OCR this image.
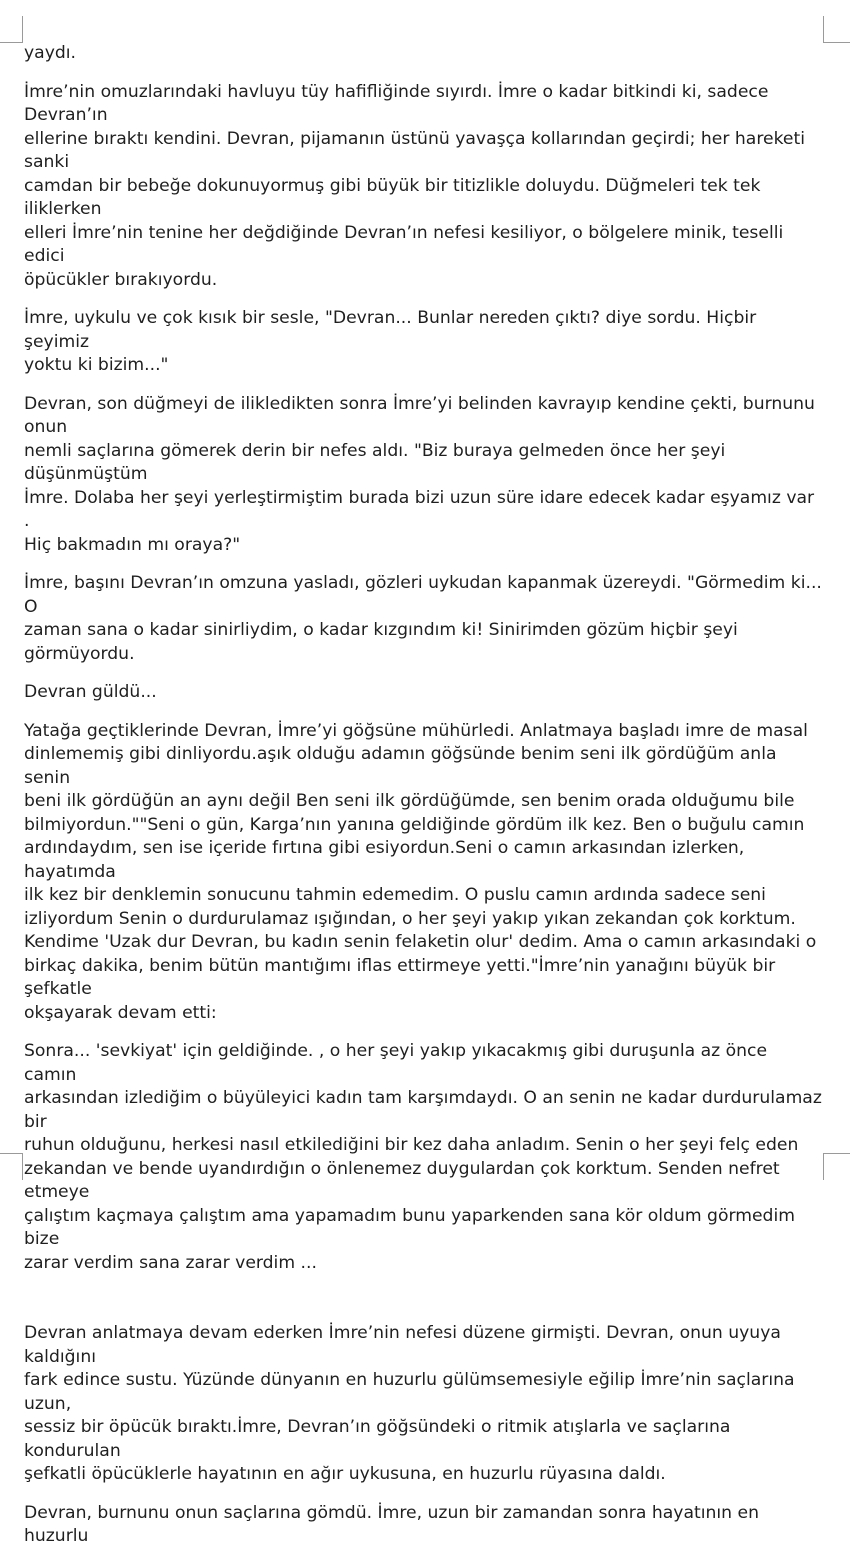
yaydı.

İmre’nin omuzlarındaki havluyu tüy hafifliğinde sıyırdı. İmre o kadar bitkindi ki, sadece Devran’ın
ellerine bıraktı kendini. Devran, pijamanın üstünü yavaşça kollarından geçirdi; her hareketi sanki
camdan bir bebeğe dokunuyormuş gibi büyük bir titizlikle doluydu. Düğmeleri tek tek iliklerken
elleri İmre’nin tenine her değdiğinde Devran’ın nefesi kesiliyor, o bölgelere minik, teselli edici
öpücükler bırakıyordu.

İmre, uykulu ve çok kısık bir sesle, "Devran... Bunlar nereden çıktı? diye sordu. Hiçbir şeyimiz
yoktu ki bizim..."

Devran, son düğmeyi de ilikledikten sonra İmre’yi belinden kavrayıp kendine çekti, burnunu onun
nemli saçlarına gömerek derin bir nefes aldı. "Biz buraya gelmeden önce her şeyi düşünmüştüm
İmre. Dolaba her şeyi yerleştirmiştim burada bizi uzun süre idare edecek kadar eşyamız var .
Hiç bakmadın mı oraya?"

İmre, başını Devran’ın omzuna yasladı, gözleri uykudan kapanmak üzereydi. "Görmedim ki... O
zaman sana o kadar sinirliydim, o kadar kızgındım ki! Sinirimden gözüm hiçbir şeyi görmüyordu.

Devran güldü...

Yatağa geçtiklerinde Devran, İmre’yi göğsüne mühürledi. Anlatmaya başladı imre de masal
dinlememiş gibi dinliyordu.aşık olduğu adamın göğsünde benim seni ilk gördüğüm anla senin
beni ilk gördüğün an aynı değil Ben seni ilk gördüğümde, sen benim orada olduğumu bile
bilmiyordun.""Seni o gün, Karga’nın yanına geldiğinde gördüm ilk kez. Ben o buğulu camın
ardındaydım, sen ise içeride fırtına gibi esiyordun.Seni o camın arkasından izlerken, hayatımda
ilk kez bir denklemin sonucunu tahmin edemedim. O puslu camın ardında sadece seni
izliyordum Senin o durdurulamaz ışığından, o her şeyi yakıp yıkan zekandan çok korktum.
Kendime 'Uzak dur Devran, bu kadın senin felaketin olur' dedim. Ama o camın arkasındaki o
birkaç dakika, benim bütün mantığımı iflas ettirmeye yetti."İmre’nin yanağını büyük bir şefkatle
okşayarak devam etti:

Sonra... 'sevkiyat' için geldiğinde. , o her şeyi yakıp yıkacakmış gibi duruşunla az önce camın
arkasından izlediğim o büyüleyici kadın tam karşımdaydı. O an senin ne kadar durdurulamaz bir
ruhun olduğunu, herkesi nasıl etkilediğini bir kez daha anladım. Senin o her şeyi felç eden
zekandan ve bende uyandırdığın o önlenemez duygulardan çok korktum. Senden nefret etmeye
çalıştım kaçmaya çalıştım ama yapamadım bunu yaparkenden sana kör oldum görmedim bize
zarar verdim sana zarar verdim ...

Devran anlatmaya devam ederken İmre’nin nefesi düzene girmişti. Devran, onun uyuya kaldığını
fark edince sustu. Yüzünde dünyanın en huzurlu gülümsemesiyle eğilip İmre’nin saçlarına uzun,
sessiz bir öpücük bıraktı.İmre, Devran’ın göğsündeki o ritmik atışlarla ve saçlarına kondurulan
şefkatli öpücüklerle hayatının en ağır uykusuna, en huzurlu rüyasına daldı.

Devran, burnunu onun saçlarına gömdü. İmre, uzun bir zamandan sonra hayatının en huzurlu
